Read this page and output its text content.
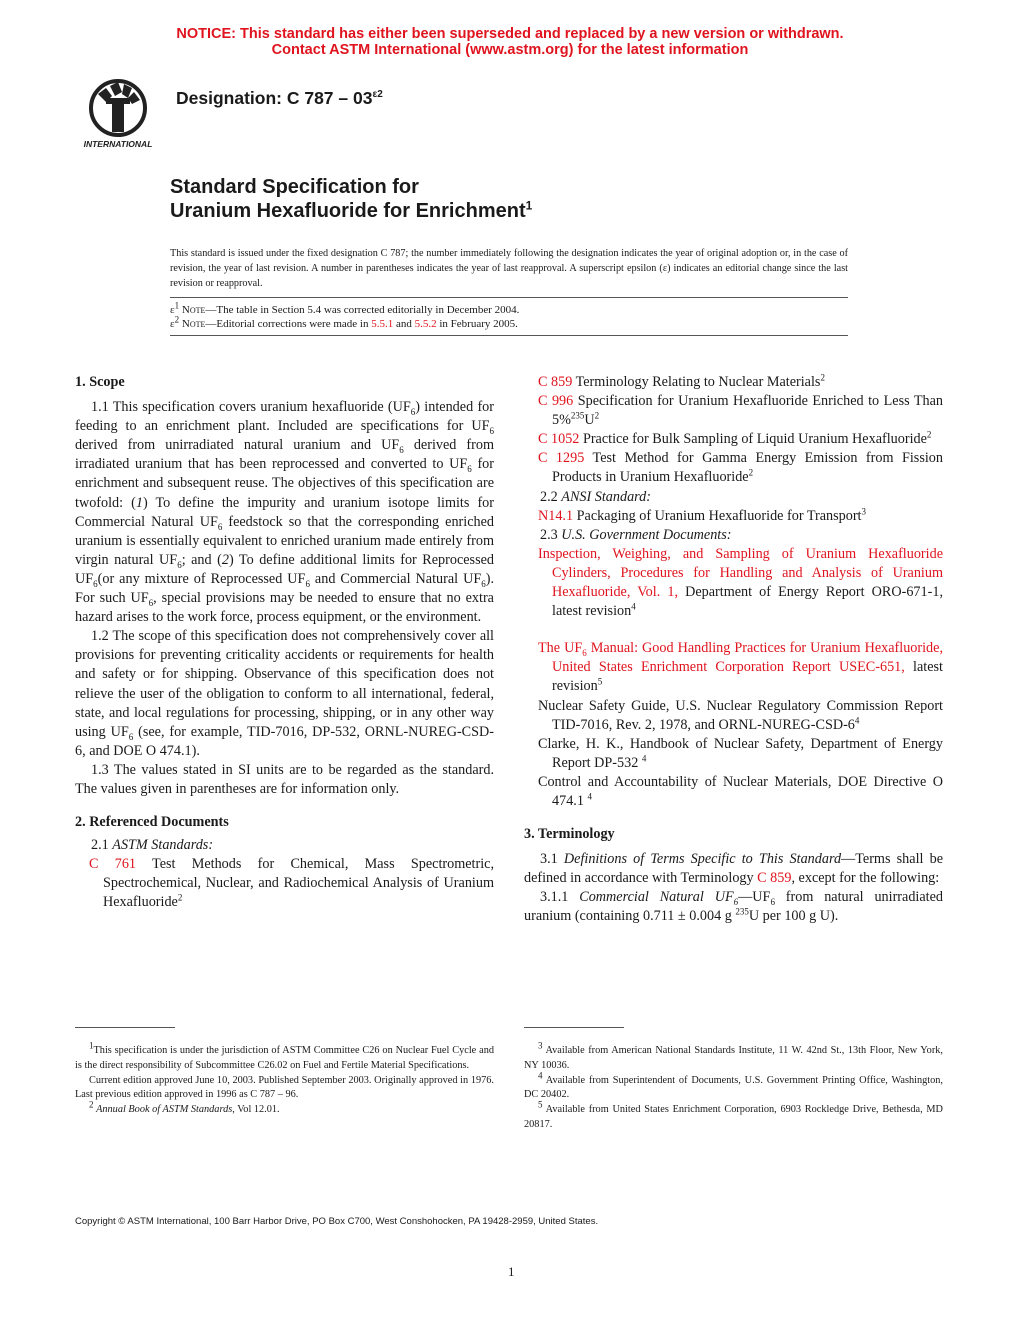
NOTICE: This standard has either been superseded and replaced by a new version or withdrawn.
Contact ASTM International (www.astm.org) for the latest information
INTERNATIONAL
Designation: C $787 - 03^{\varepsilon 2}$
Standard Specification for
Uranium Hexafluoride for Enrichment$^1$
This standard is issued under the fixed designation C 787; the number immediately following the designation indicates the year of original adoption or, in the case of revision, the year of last revision. A number in parentheses indicates the year of last reapproval. A superscript epsilon (ε) indicates an editorial change since the last revision or reapproval.
$\varepsilon^1$ Note—The table in Section 5.4 was corrected editorially in December 2004.
$\varepsilon^2$ Note—Editorial corrections were made in 5.5.1 and 5.5.2 in February 2005.

1. Scope

1.1 This specification covers uranium hexafluoride $(UF_6)$ intended for feeding to an enrichment plant. Included are specifications for $UF_6$ derived from unirradiated natural uranium and $UF_6$ derived from irradiated uranium that has been reprocessed and converted to $UF_6$ for enrichment and subsequent reuse. The objectives of this specification are twofold: (1) To define the impurity and uranium isotope limits for Commercial Natural $UF_6$ feedstock so that the corresponding enriched uranium is essentially equivalent to enriched uranium made entirely from virgin natural $UF_6$; and (2) To define additional limits for Reprocessed $UF_6(or$ any mixture of Reprocessed $UF_6$ and Commercial Natural $UF_6$). For such $UF_6$, special provisions may be needed to ensure that no extra hazard arises to the work force, process equipment, or the environment.

1.2 The scope of this specification does not comprehensively cover all provisions for preventing criticality accidents or requirements for health and safety or for shipping. Observance of this specification does not relieve the user of the obligation to conform to all international, federal, state, and local regulations for processing, shipping, or in any other way using $UF_6$ (see, for example, TID-7016, DP-532, ORNL-NUREG-CSD-6, and DOE O 474.1).

1.3 The values stated in SI units are to be regarded as the standard. The values given in parentheses are for information only.

2. Referenced Documents

2.1 ASTM Standards:

C 761 Test Methods for Chemical, Mass Spectrometric, Spectrochemical, Nuclear, and Radiochemical Analysis of Uranium Hexafluoride$^2$

C 859 Terminology Relating to Nuclear Materials$^2$

C 996 Specification for Uranium Hexafluoride Enriched to Less Than $5\%^{235}U^2$

C 1052 Practice for Bulk Sampling of Liquid Uranium Hexafluoride$^2$

C 1295 Test Method for Gamma Energy Emission from Fission Products in Uranium Hexafluoride$^2$

2.2 ANSI Standard:

N14.1 Packaging of Uranium Hexafluoride for Transport$^3$

2.3 U.S. Government Documents:

Inspection, Weighing, and Sampling of Uranium Hexafluoride Cylinders, Procedures for Handling and Analysis of Uranium Hexafluoride, Vol. 1, Department of Energy Report ORO-671-1, latest revision$^4$

The $UF_6$ Manual: Good Handling Practices for Uranium Hexafluoride, United States Enrichment Corporation Report USEC-651, latest revision$^5$

Nuclear Safety Guide, U.S. Nuclear Regulatory Commission Report TID-7016, Rev. 2, 1978, and ORNL-$NUREG-CSD-6^4$

Clarke, H. K., Handbook of Nuclear Safety, Department of Energy Report DP-532 $^4$

Control and Accountability of Nuclear Materials, DOE Directive O 474.1 $^4$

3. Terminology

3.1 Definitions of Terms Specific to This Standard—Terms shall be defined in accordance with Terminology C 859, except for the following:

3.1.1 Commercial Natural $UF_6—UF_6$ from natural unirradiated uranium (containing 0.711 ± 0.004 g $^{235}$U per 100 g U).

$^1$This specification is under the jurisdiction of ASTM Committee C26 on Nuclear Fuel Cycle and is the direct responsibility of Subcommittee C26.02 on Fuel and Fertile Material Specifications.

Current edition approved June 10, 2003. Published September 2003. Originally approved in 1976. Last previous edition approved in 1996 as C 787 – 96.

$^2$ Annual Book of ASTM Standards, Vol 12.01.

$^3$ Available from American National Standards Institute, 11 W. 42nd St., 13th Floor, New York, NY 10036.

$^4$ Available from Superintendent of Documents, U.S. Government Printing Office, Washington, DC 20402.

$^5$ Available from United States Enrichment Corporation, 6903 Rockledge Drive, Bethesda, MD 20817.

Copyright © ASTM International, 100 Barr Harbor Drive, PO Box C700, West Conshohocken, PA 19428-2959, United States.
1
